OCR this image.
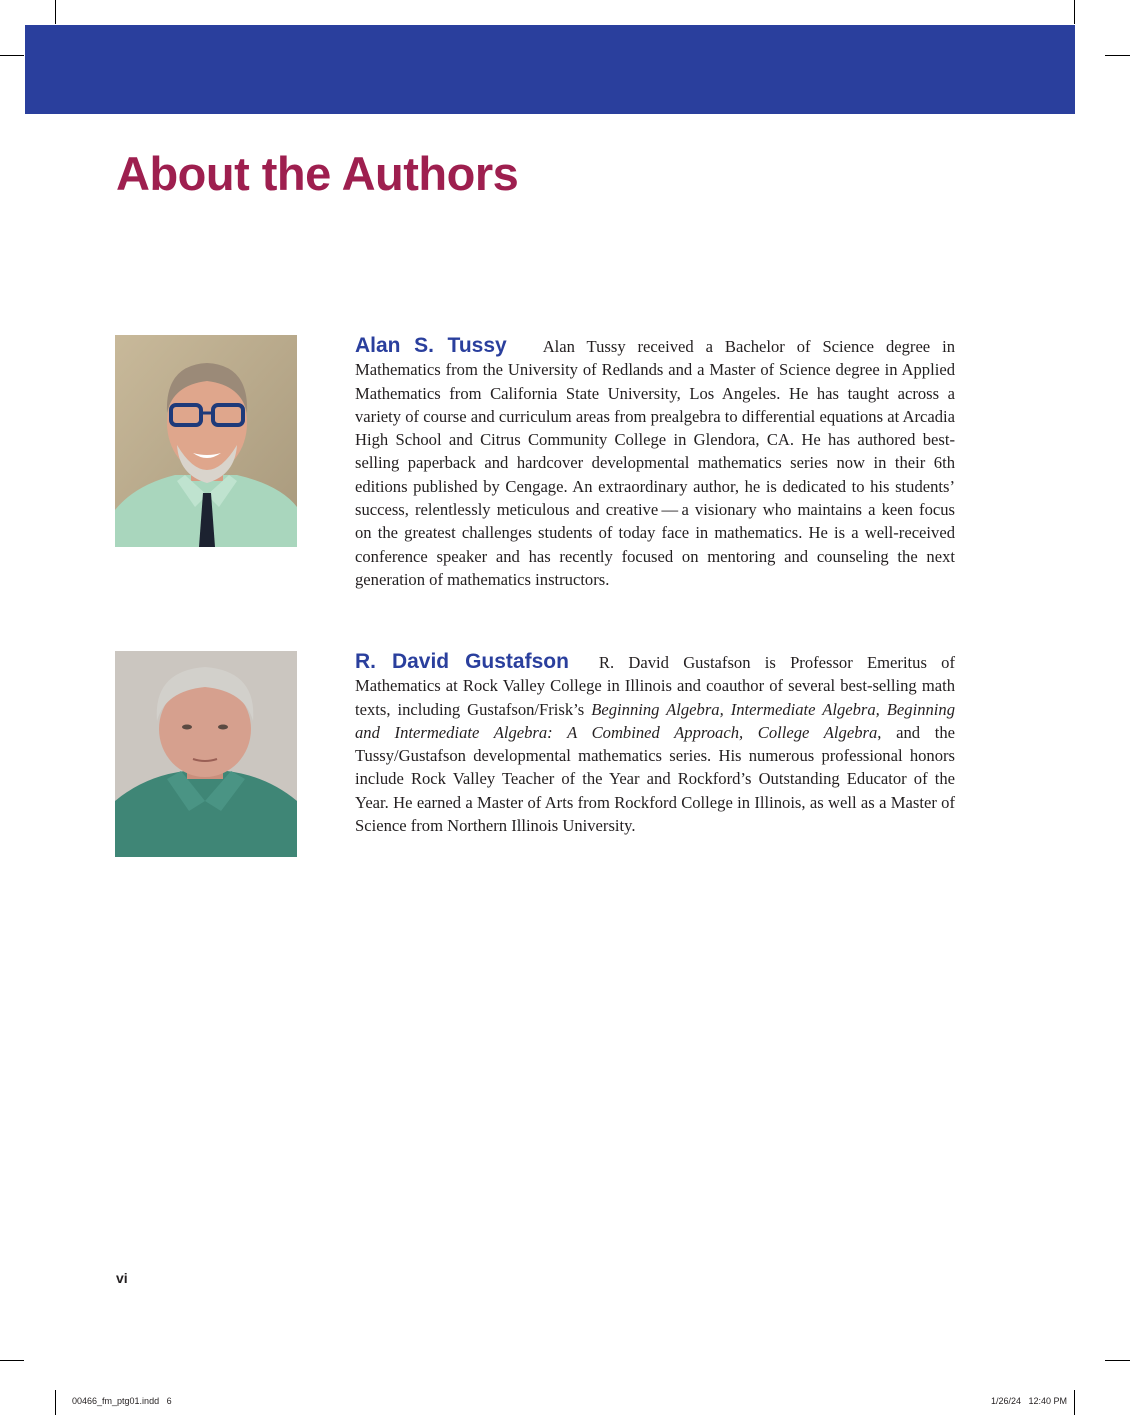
About the Authors

Alan S. Tussy Alan Tussy received a Bachelor of Science degree in Mathematics from the University of Redlands and a Master of Science degree in Applied Mathematics from California State University, Los Angeles. He has taught across a variety of course and curriculum areas from prealgebra to differential equations at Arcadia High School and Citrus Community College in Glendora, CA. He has authored best-selling paperback and hardcover developmental mathematics series now in their 6th editions published by Cengage. An extraordinary author, he is dedicated to his students’ success, relentlessly meticulous and creative — a visionary who maintains a keen focus on the greatest challenges students of today face in mathematics. He is a well-received conference speaker and has recently focused on mentoring and counseling the next generation of mathematics instructors.

R. David Gustafson R. David Gustafson is Professor Emeritus of Mathematics at Rock Valley College in Illinois and coauthor of several best-selling math texts, including Gustafson/Frisk’s Beginning Algebra, Intermediate Algebra, Beginning and Intermediate Algebra: A Combined Approach, College Algebra, and the Tussy/Gustafson developmental mathematics series. His numerous professional honors include Rock Valley Teacher of the Year and Rockford’s Outstanding Educator of the Year. He earned a Master of Arts from Rockford College in Illinois, as well as a Master of Science from Northern Illinois University.

vi
00466_fm_ptg01.indd   6	1/26/24   12:40 PM
